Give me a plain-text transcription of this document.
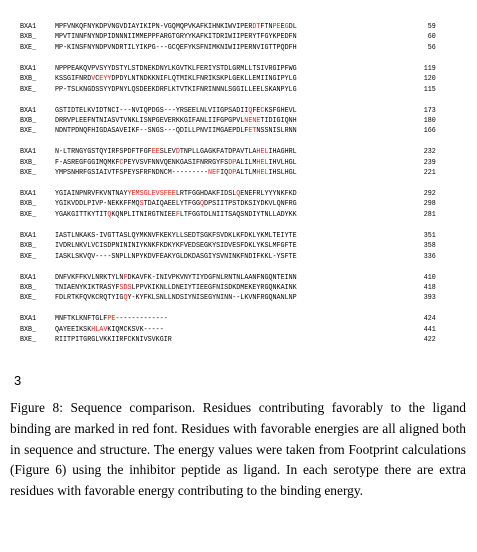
BXA1	MPFVNKQFNYKDPVNGVDIAYIKIPN-VGQMQPVKAFKIHNKIWVIPERDTFTNPEEGDL	59
BXB_	MPVTINNFNYNDPIDNNNIIMMEPPFARGTGRYYKAFKITDRIWIIPERYTFGYKPEDFN	60
BXE_	MP-KINSFNYNDPVNDRTILYIKPG---GCQEFYKSFNIMKNIWIIPERNVIGTTPQDFH	56
BXA1	NPPPEAKQVPVSYYDSTYLSTDNEKDNYLKGVTKLFERIYSTDLGRMLLTSIVRGIPFWG	119
BXB_	KSSGIFNRDVCEYYDPDYLNTNDKKNIFLQTMIKLFNRIKSKPLGEKLLEMIINGIPYLG	120
BXE_	PP-TSLKNGDSSYYDPNYLQSDEEKDRFLKTVTKIFNRINNNLSGGILLEELSKANPYLG	115
BXA1	GSTIDTELKVIDTNCI---NVIQPDGS---YRSEELNLVIIGPSADIIQFECKSFGHEVL	173
BXB_	DRRVPLEEFNTNIASVTVNKLISNPGEVERKKGIFANLIIFGPGPVLNENETIDIGIQNH	180
BXE_	NDNTPDNQFHIGDASAVEIKF--SNGS---QDILLPNVIIMGAEPDLFETNSSNISLRNN	166
BXA1	N-LTRNGYGSTQYIRFSPDFTFGFEESLEVDTNPLLGAGKFATDPAVTLAHELIHAGHRL	232
BXB_	F-ASREGFGGIMQMKFCPEYVSVFNNVQENKGASIFNRRGYFSDPALILMHELIHVLHGL	239
BXE_	YMPSNHRFGSIAIVTFSPEYSFRFNDNCM---------NEFIQDPALTLMHELIHSLHGL	221
BXA1	YGIAINPNRVFKVNTNAYYEMSGLEVSFEELRTFGGHDAKFIDSLQENEFRLYYYNKFKD	292
BXB_	YGIKVDDLPIVP-NEKKFFMQSTDAIQAEELYTFGGQDPSIITPSTDKSIYDKVLQNFRG	298
BXE_	YGAKGITTKYTITQKQNPLITNIRGTNIEEFLTFGGTDLNIITSAQSNDIYTNLLADYKK	281
BXA1	IASTLNKAKS-IVGTTASLQYMKNVFKEKYLLSEDTSGKFSVDKLKFDKLYKMLTEIYTE	351
BXB_	IVDRLNKVLVCISDPNININIYKNKFKDKYKFVEDSEGKYSIDVESFDKLYKSLMFGFTE	358
BXE_	IASKLSKVQV----SNPLLNPYKDVFEAKYGLDKDASGIYSVNINKFNDIFKKL-YSFTE	336
BXA1	DNFVKFFKVLNRKTYLNFDKAVFK-INIVPKVNYTIYDGFNLRNTNLAANFNGQNTEINN	410
BXB_	TNIAENYKIKTRASYFSDSLPPVKIKNLLDNEIYTIEEGFNISDKDMEKEYRGQNKAINK	418
BXE_	FDLRTKFQVKCRQTYIGQY-KYFKLSNLLNDSIYNISEGYNINN--LKVNFRGQNANLNP	393
BXA1	MNFTKLKNFTGLFPE-------------	424
BXB_	QAYEEIKSKHLAVKIQMCKSVK-----	441
BXE_	RIITPITGRGLVKKIIRFCKNIVSVKGIR	422
3

Figure 8: Sequence comparison. Residues contributing favorably to the ligand binding are marked in red font. Residues with favorable energies are all aligned both in sequence and structure. The energy values were taken from Footprint calculations (Figure 6) using the inhibitor peptide as ligand. In each serotype there are extra residues with favorable energy contributing to the binding energy.
